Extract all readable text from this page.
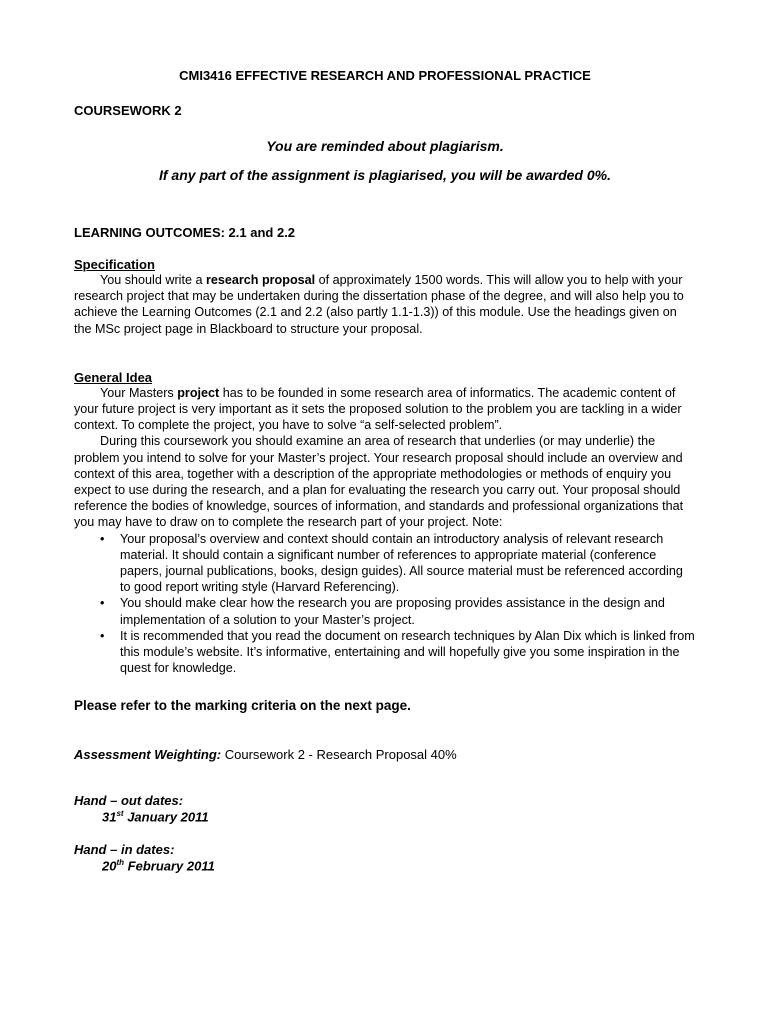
CMI3416 EFFECTIVE RESEARCH AND PROFESSIONAL PRACTICE

COURSEWORK 2

You are reminded about plagiarism.

If any part of the assignment is plagiarised, you will be awarded 0%.

LEARNING OUTCOMES: 2.1 and 2.2

Specification

You should write a research proposal of approximately 1500 words. This will allow you to help with your research project that may be undertaken during the dissertation phase of the degree, and will also help you to achieve the Learning Outcomes (2.1 and 2.2 (also partly 1.1-1.3)) of this module. Use the headings given on the MSc project page in Blackboard to structure your proposal.

General Idea

Your Masters project has to be founded in some research area of informatics. The academic content of your future project is very important as it sets the proposed solution to the problem you are tackling in a wider context. To complete the project, you have to solve “a self-selected problem”.

During this coursework you should examine an area of research that underlies (or may underlie) the problem you intend to solve for your Master’s project. Your research proposal should include an overview and context of this area, together with a description of the appropriate methodologies or methods of enquiry you expect to use during the research, and a plan for evaluating the research you carry out. Your proposal should reference the bodies of knowledge, sources of information, and standards and professional organizations that you may have to draw on to complete the research part of your project. Note:

• Your proposal’s overview and context should contain an introductory analysis of relevant research material. It should contain a significant number of references to appropriate material (conference papers, journal publications, books, design guides). All source material must be referenced according to good report writing style (Harvard Referencing).
• You should make clear how the research you are proposing provides assistance in the design and implementation of a solution to your Master’s project.
• It is recommended that you read the document on research techniques by Alan Dix which is linked from this module’s website. It’s informative, entertaining and will hopefully give you some inspiration in the quest for knowledge.

Please refer to the marking criteria on the next page.

Assessment Weighting: Coursework 2 - Research Proposal 40%

Hand – out dates:

31st January 2011

Hand – in dates:

20th February 2011
